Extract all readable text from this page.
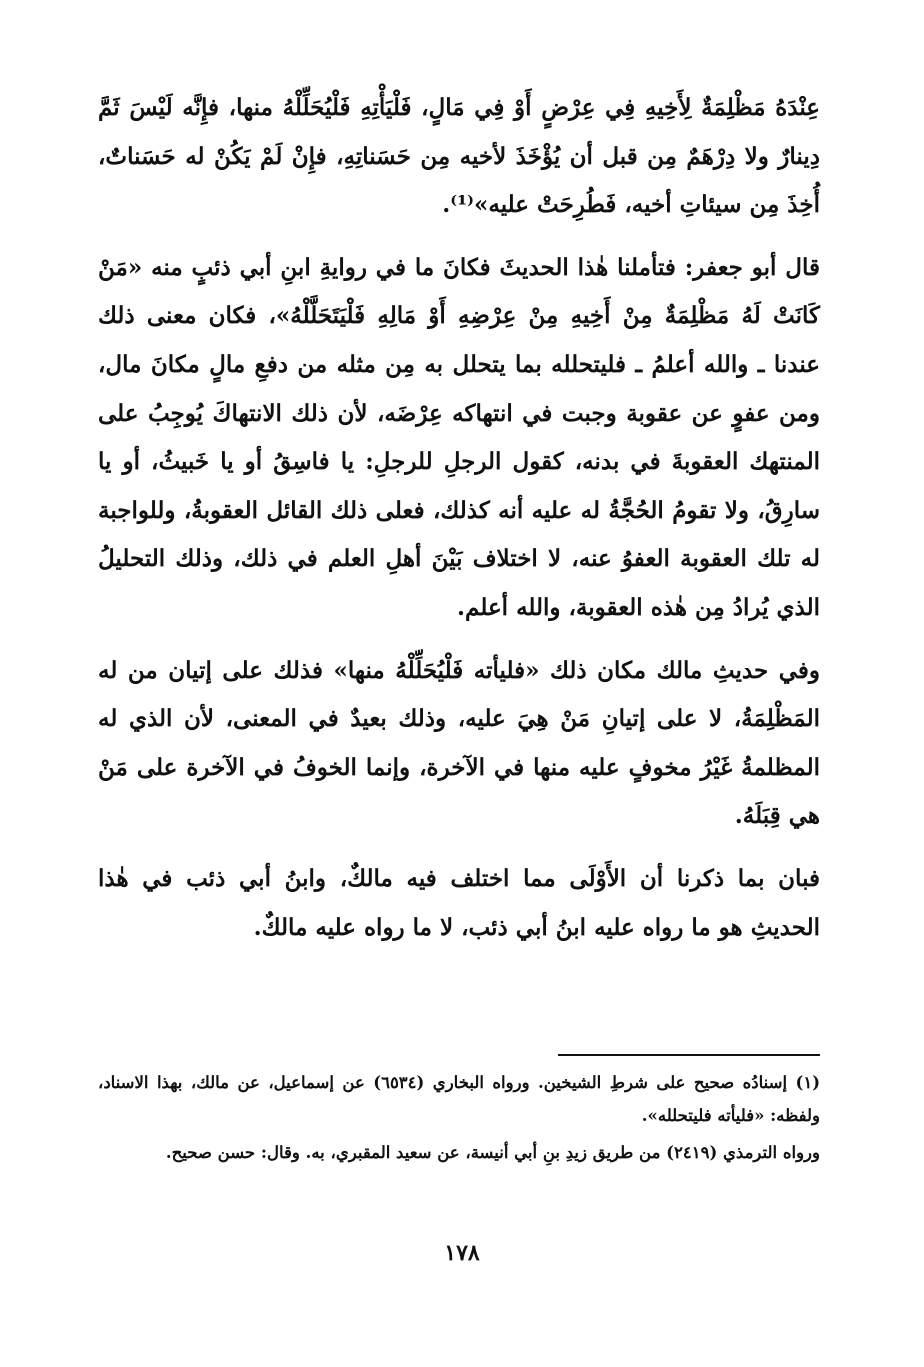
عِنْدَهُ مَظْلِمَةٌ لِأَخِيهِ فِي عِرْضٍ أَوْ فِي مَالٍ، فَلْيَأْتِهِ فَلْيُحَلِّلْهُ منها، فإِنَّه لَيْسَ ثَمَّ دِينارٌ ولا دِرْهَمٌ مِن قبل أن يُؤْخَذَ لأخيه مِن حَسَناتِهِ، فإِنْ لَمْ يَكُنْ له حَسَناتٌ، أُخِذَ مِن سيئاتِ أخيه، فَطُرِحَتْ عليه»⁽¹⁾.

قال أبو جعفر: فتأملنا هٰذا الحديثَ فكانَ ما في روايةِ ابنِ أبي ذئبٍ منه «مَنْ كَانَتْ لَهُ مَظْلِمَةٌ مِنْ أَخِيهِ مِنْ عِرْضِهِ أَوْ مَالِهِ فَلْيَتَحَلَّلْهُ»، فكان معنى ذلك عندنا ـ والله أعلمُ ـ فليتحلله بما يتحلل به مِن مثله من دفعِ مالٍ مكانَ مال، ومن عفوٍ عن عقوبة وجبت في انتهاكه عِرْضَه، لأن ذلك الانتهاكَ يُوجِبُ على المنتهك العقوبةَ في بدنه، كقول الرجلِ للرجلِ: يا فاسِقُ أو يا خَبيثُ، أو يا سارِقُ، ولا تقومُ الحُجَّةُ له عليه أنه كذلك، فعلى ذلك القائل العقوبةُ، وللواجبة له تلك العقوبة العفوُ عنه، لا اختلاف بَيْنَ أهلِ العلم في ذلك، وذلك التحليلُ الذي يُرادُ مِن هٰذه العقوبة، والله أعلم.

وفي حديثِ مالك مكان ذلك «فليأته فَلْيُحَلِّلْهُ منها» فذلك على إتيان من له المَظْلِمَةُ، لا على إتيانِ مَنْ هِيَ عليه، وذلك بعيدٌ في المعنى، لأن الذي له المظلمةُ غَيْرُ مخوفٍ عليه منها في الآخرة، وإنما الخوفُ في الآخرة على مَنْ هي قِبَلَهُ.

فبان بما ذكرنا أن الأَوْلَى مما اختلف فيه مالكٌ، وابنُ أبي ذئب في هٰذا الحديثِ هو ما رواه عليه ابنُ أبي ذئب، لا ما رواه عليه مالكٌ.

(١) إسنادُه صحيح على شرطِ الشيخين. ورواه البخاري (٦٥٣٤) عن إسماعيل، عن مالك، بهذا الاسناد، ولفظه: «فليأته فليتحلله».

ورواه الترمذي (٢٤١٩) من طريق زيدِ بنِ أبي أنيسة، عن سعيد المقبري، به. وقال: حسن صحيح.

١٧٨
